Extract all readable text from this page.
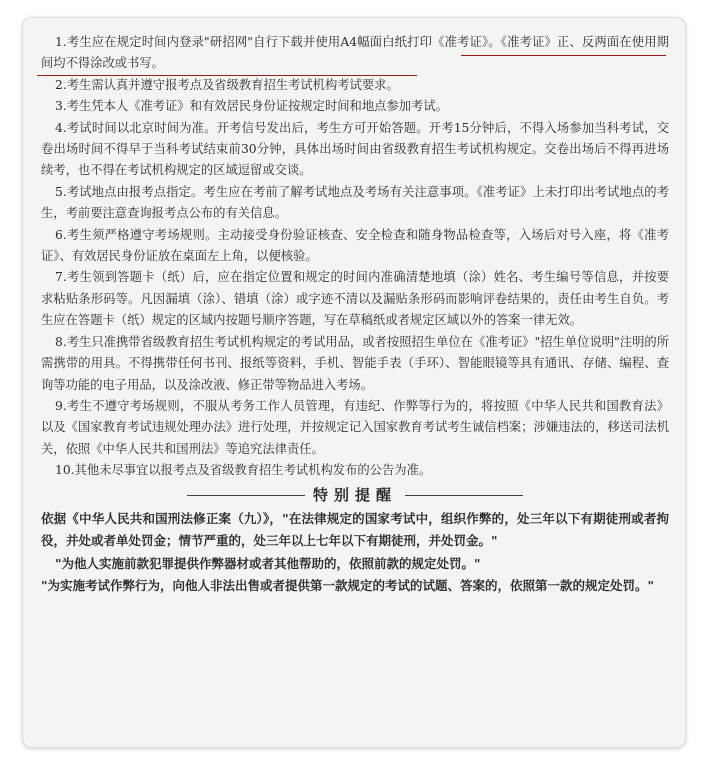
1.考生应在规定时间内登录"研招网"自行下载并使用A4幅面白纸打印《准考证》。《准考证》正、反两面在使用期间均不得涂改或书写。

2.考生需认真并遵守报考点及省级教育招生考试机构考试要求。

3.考生凭本人《准考证》和有效居民身份证按规定时间和地点参加考试。

4.考试时间以北京时间为准。开考信号发出后，考生方可开始答题。开考15分钟后，不得入场参加当科考试，交卷出场时间不得早于当科考试结束前30分钟，具体出场时间由省级教育招生考试机构规定。交卷出场后不得再进场续考，也不得在考试机构规定的区域逗留或交谈。

5.考试地点由报考点指定。考生应在考前了解考试地点及考场有关注意事项。《准考证》上未打印出考试地点的考生，考前要注意查询报考点公布的有关信息。

6.考生须严格遵守考场规则。主动接受身份验证核查、安全检查和随身物品检查等，入场后对号入座，将《准考证》、有效居民身份证放在桌面左上角，以便核验。

7.考生领到答题卡（纸）后，应在指定位置和规定的时间内准确清楚地填（涂）姓名、考生编号等信息，并按要求粘贴条形码等。凡因漏填（涂）、错填（涂）或字迹不清以及漏贴条形码而影响评卷结果的，责任由考生自负。考生应在答题卡（纸）规定的区域内按题号顺序答题，写在草稿纸或者规定区域以外的答案一律无效。

8.考生只准携带省级教育招生考试机构规定的考试用品，或者按照招生单位在《准考证》"招生单位说明"注明的所需携带的用具。不得携带任何书刊、报纸等资料，手机、智能手表（手环）、智能眼镜等具有通讯、存储、编程、查询等功能的电子用品，以及涂改液、修正带等物品进入考场。

9.考生不遵守考场规则，不服从考务工作人员管理，有违纪、作弊等行为的，将按照《中华人民共和国教育法》以及《国家教育考试违规处理办法》进行处理，并按规定记入国家教育考试考生诚信档案；涉嫌违法的，移送司法机关，依照《中华人民共和国刑法》等追究法律责任。

10.其他未尽事宜以报考点及省级教育招生考试机构发布的公告为准。

特别提醒

依据《中华人民共和国刑法修正案（九）》，"在法律规定的国家考试中，组织作弊的，处三年以下有期徒刑或者拘役，并处或者单处罚金；情节严重的，处三年以上七年以下有期徒刑，并处罚金。"

"为他人实施前款犯罪提供作弊器材或者其他帮助的，依照前款的规定处罚。"

"为实施考试作弊行为，向他人非法出售或者提供第一款规定的考试的试题、答案的，依照第一款的规定处罚。"
